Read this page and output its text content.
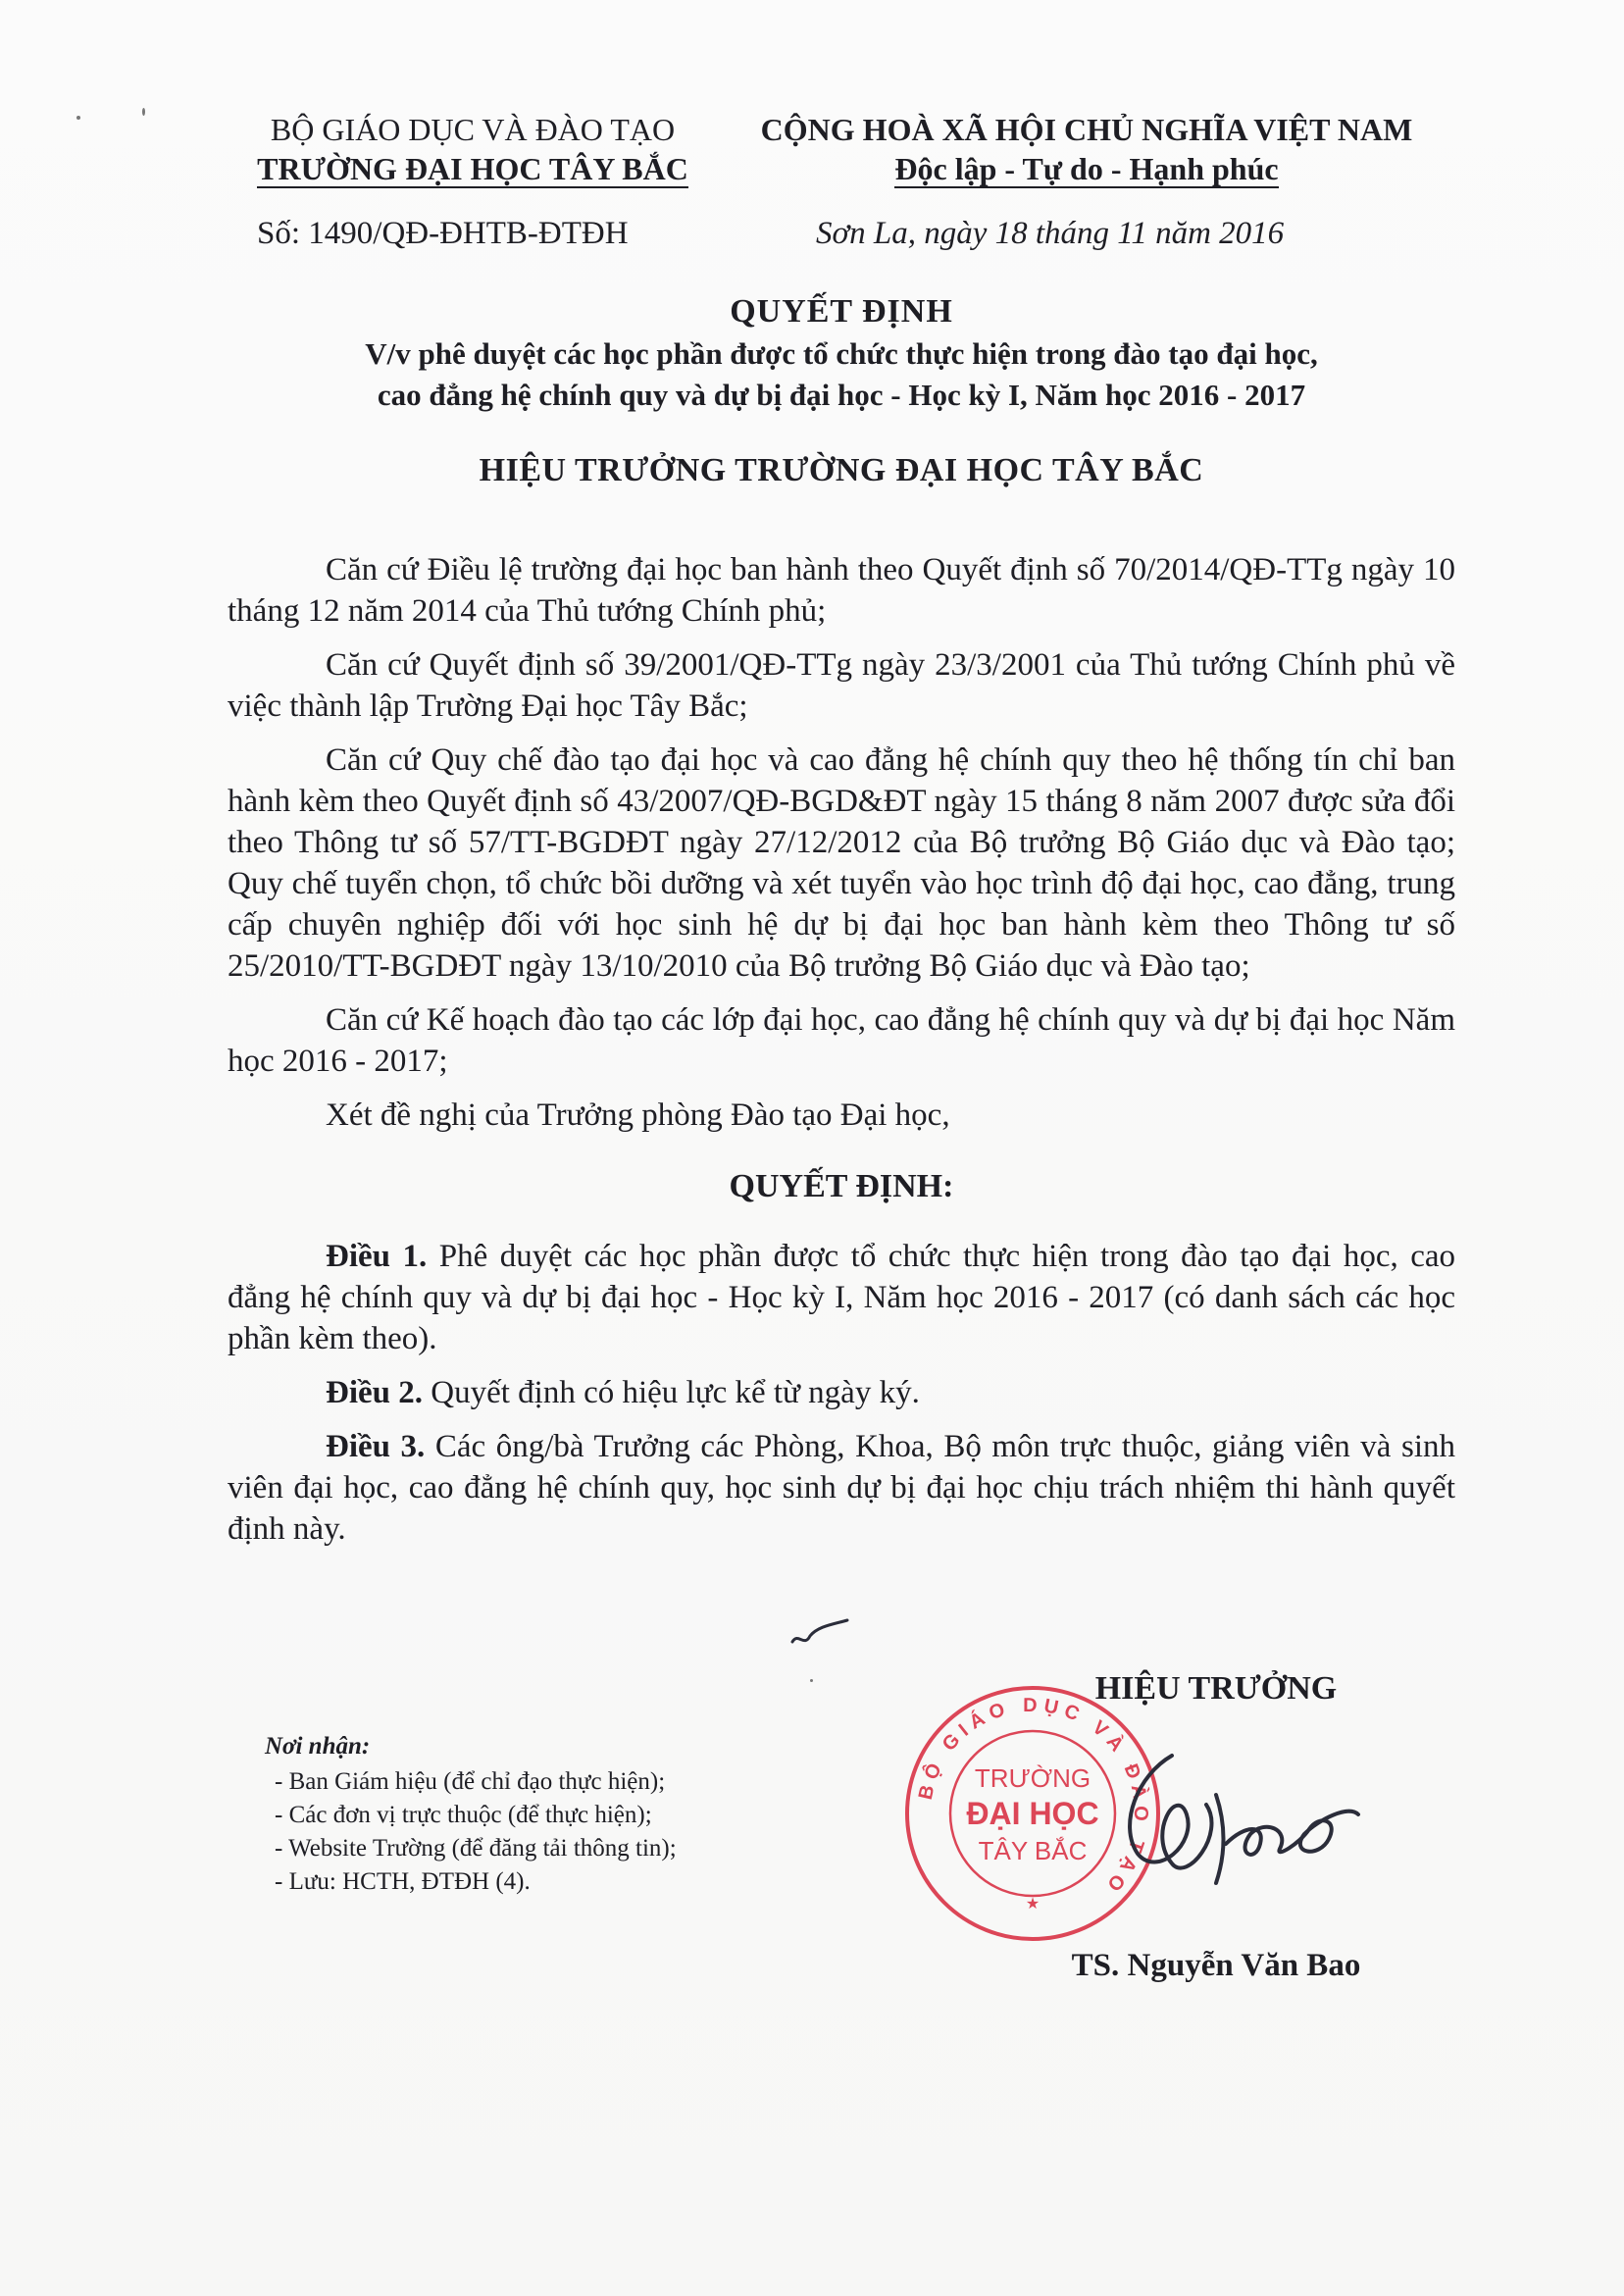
BỘ GIÁO DỤC VÀ ĐÀO TẠO
TRƯỜNG ĐẠI HỌC TÂY BẮC
CỘNG HOÀ XÃ HỘI CHỦ NGHĨA VIỆT NAM
Độc lập - Tự do - Hạnh phúc
Số: 1490/QĐ-ĐHTB-ĐTĐH	Sơn La, ngày 18 tháng 11 năm 2016
QUYẾT ĐỊNH
V/v phê duyệt các học phần được tổ chức thực hiện trong đào tạo đại học,
cao đẳng hệ chính quy và dự bị đại học - Học kỳ I, Năm học 2016 - 2017
HIỆU TRƯỞNG TRƯỜNG ĐẠI HỌC TÂY BẮC

Căn cứ Điều lệ trường đại học ban hành theo Quyết định số 70/2014/QĐ-TTg ngày 10 tháng 12 năm 2014 của Thủ tướng Chính phủ;

Căn cứ Quyết định số 39/2001/QĐ-TTg ngày 23/3/2001 của Thủ tướng Chính phủ về việc thành lập Trường Đại học Tây Bắc;

Căn cứ Quy chế đào tạo đại học và cao đẳng hệ chính quy theo hệ thống tín chỉ ban hành kèm theo Quyết định số 43/2007/QĐ-BGD&ĐT ngày 15 tháng 8 năm 2007 được sửa đổi theo Thông tư số 57/TT-BGDĐT ngày 27/12/2012 của Bộ trưởng Bộ Giáo dục và Đào tạo; Quy chế tuyển chọn, tổ chức bồi dưỡng và xét tuyển vào học trình độ đại học, cao đẳng, trung cấp chuyên nghiệp đối với học sinh hệ dự bị đại học ban hành kèm theo Thông tư số 25/2010/TT-BGDĐT ngày 13/10/2010 của Bộ trưởng Bộ Giáo dục và Đào tạo;

Căn cứ Kế hoạch đào tạo các lớp đại học, cao đẳng hệ chính quy và dự bị đại học Năm học 2016 - 2017;

Xét đề nghị của Trưởng phòng Đào tạo Đại học,

QUYẾT ĐỊNH:

Điều 1. Phê duyệt các học phần được tổ chức thực hiện trong đào tạo đại học, cao đẳng hệ chính quy và dự bị đại học - Học kỳ I, Năm học 2016 - 2017 (có danh sách các học phần kèm theo).

Điều 2. Quyết định có hiệu lực kể từ ngày ký.

Điều 3. Các ông/bà Trưởng các Phòng, Khoa, Bộ môn trực thuộc, giảng viên và sinh viên đại học, cao đẳng hệ chính quy, học sinh dự bị đại học chịu trách nhiệm thi hành quyết định này.

Nơi nhận:
- Ban Giám hiệu (để chỉ đạo thực hiện);
- Các đơn vị trực thuộc (để thực hiện);
- Website Trường (để đăng tải thông tin);
- Lưu: HCTH, ĐTĐH (4).
BỘ GIÁO DỤC VÀ ĐÀO TẠO
TRƯỜNG
ĐẠI HỌC
TÂY BẮC
★
HIỆU TRƯỞNG
TS. Nguyễn Văn Bao
